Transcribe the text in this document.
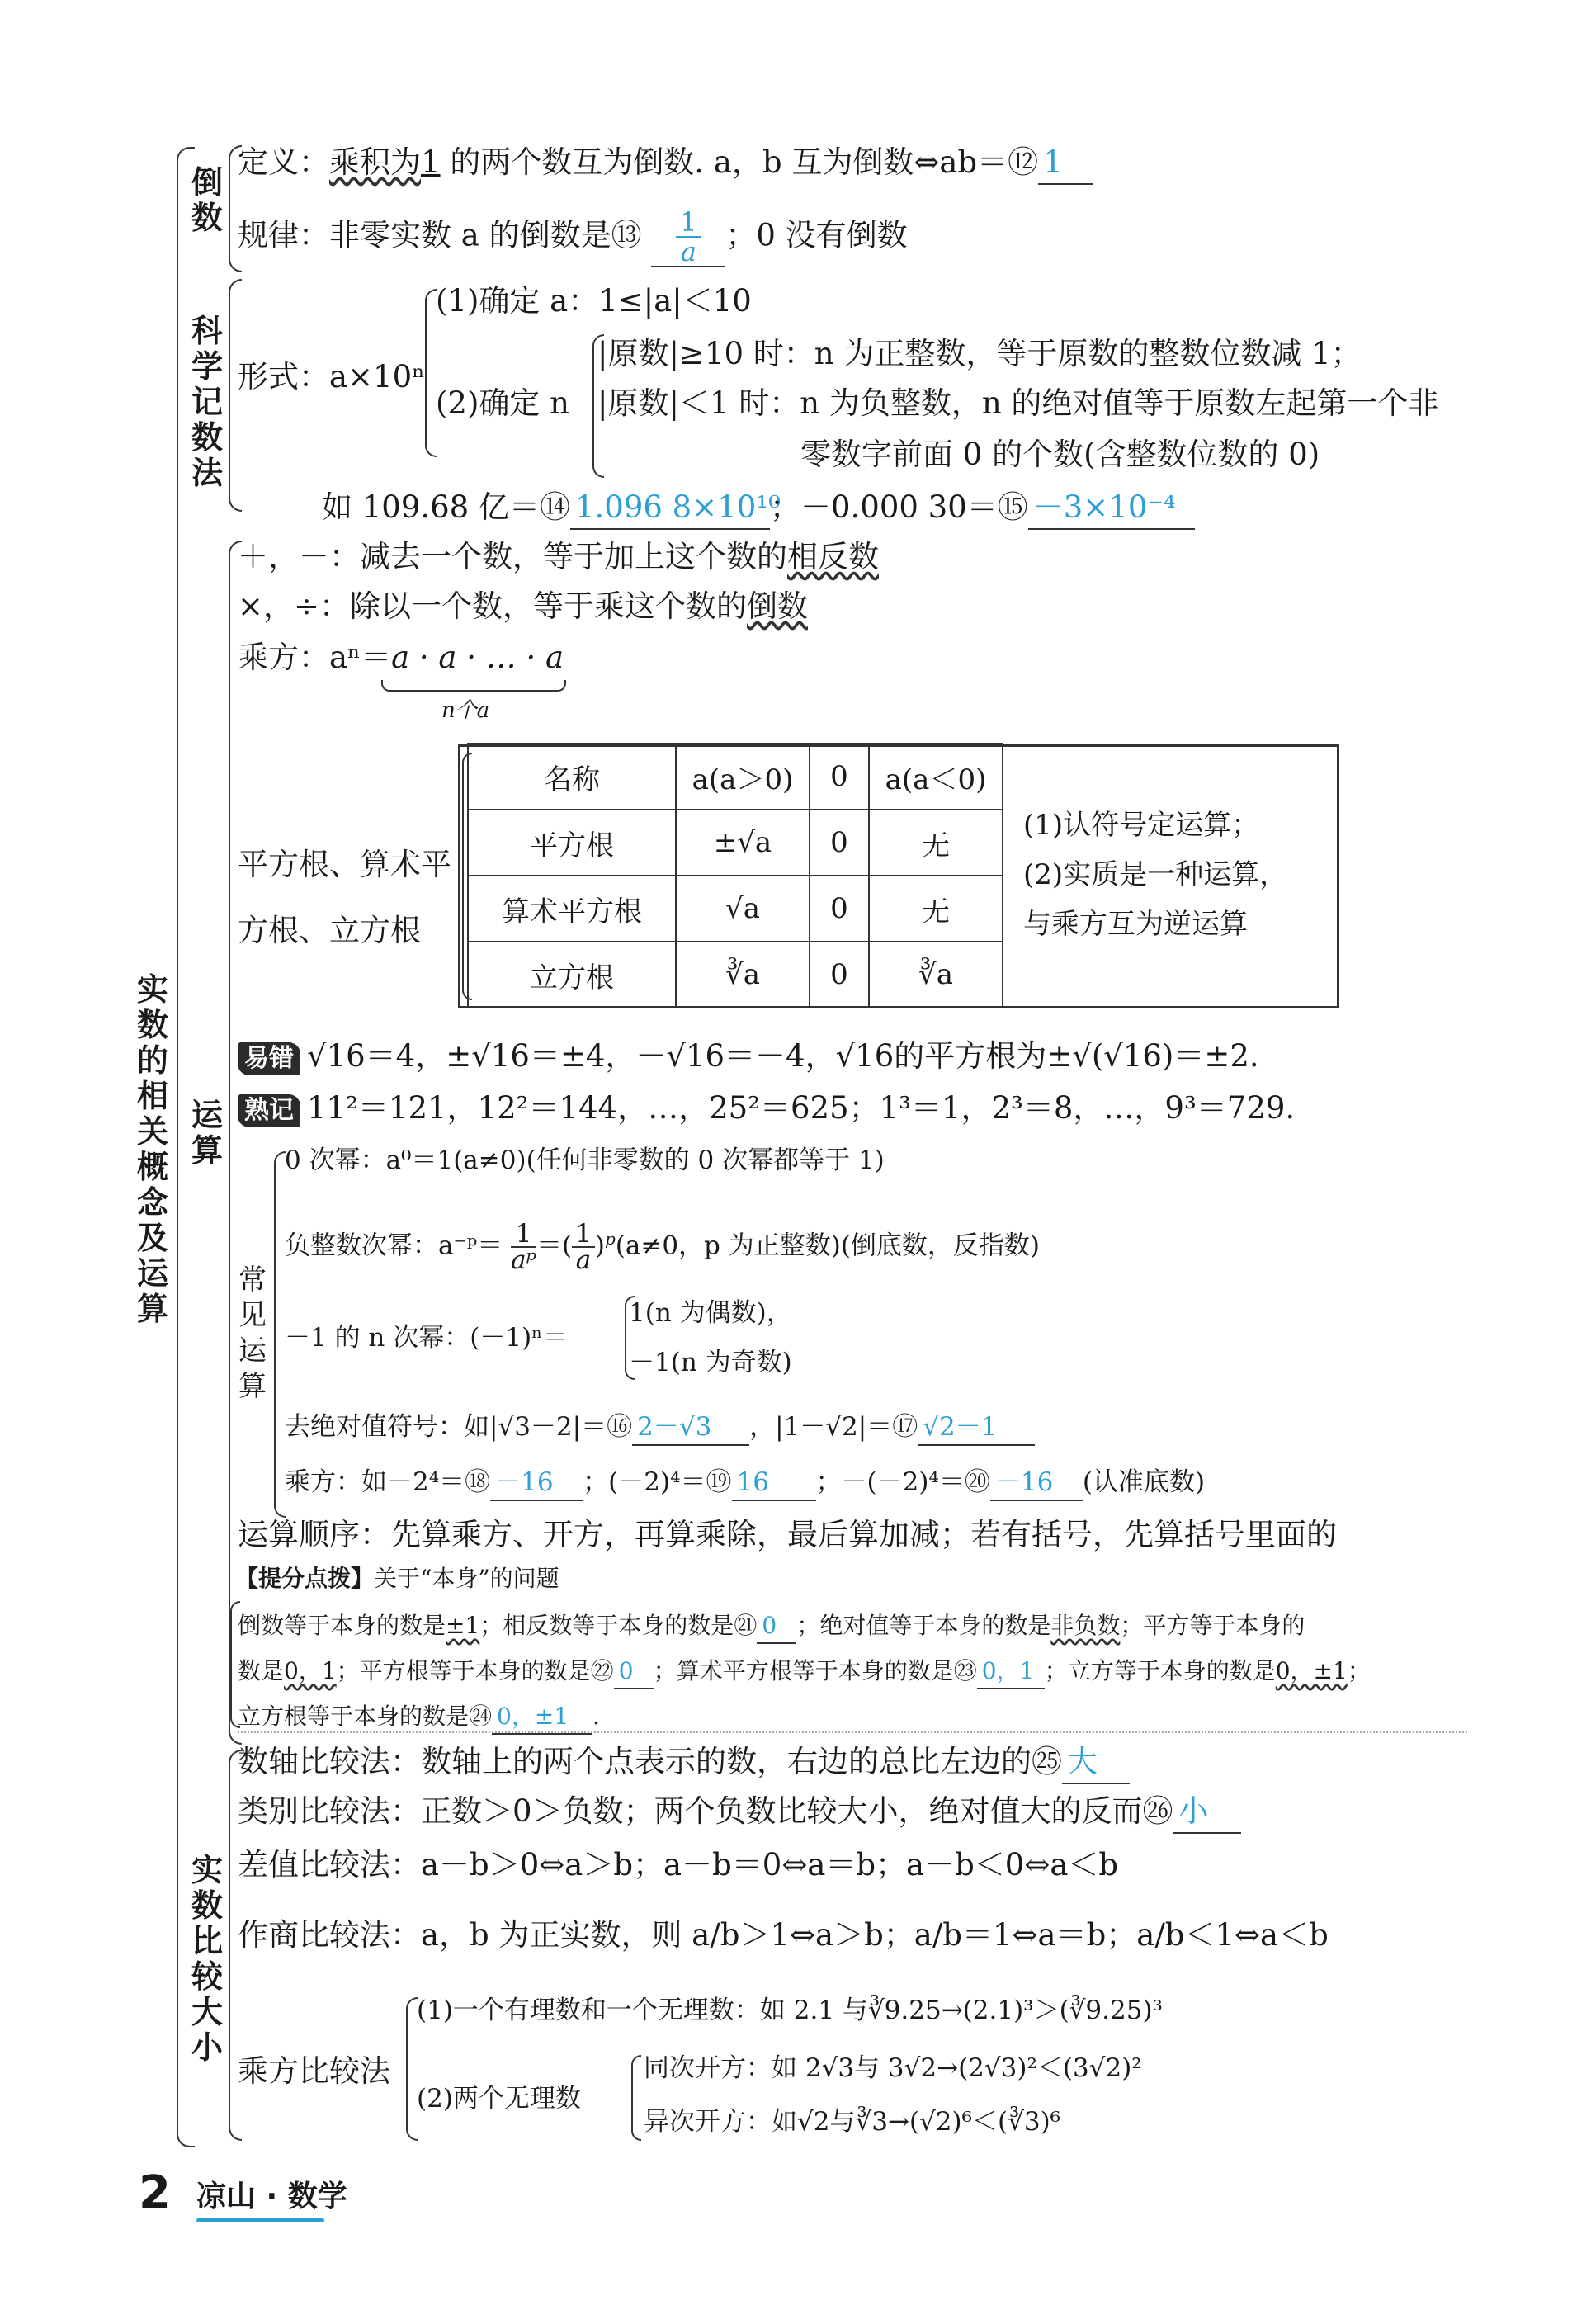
实数的相关概念及运算
倒数
定义：乘积为1 的两个数互为倒数. a，b 互为倒数⇔ab＝⑫ 1
规律：非零实数 a 的倒数是⑬ $\frac{1}{a}$ ；0 没有倒数
科学记数法
形式：a×10ⁿ
(1)确定 a：1≤|a|＜10
(2)确定 n
|原数|≥10 时：n 为正整数，等于原数的整数位数减 1；
|原数|＜1 时：n 为负整数，n 的绝对值等于原数左起第一个非
零数字前面 0 的个数(含整数位数的 0)
如 109.68 亿＝⑭ 1.096 8×10¹⁰；－0.000 30＝⑮ －3×10⁻⁴
运算
＋，－：减去一个数，等于加上这个数的相反数
×，÷：除以一个数，等于乘这个数的倒数
乘方：aⁿ＝a · a · … · a
n个a
平方根、算术平
方根、立方根
名称	a(a＞0)	0	a(a＜0)
平方根	±√a	0	无
算术平方根	√a	0	无
立方根	∛a	0	∛a
(1)认符号定运算；
(2)实质是一种运算，
与乘方互为逆运算
易错 √16＝4，±√16＝±4，－√16＝－4，√16的平方根为±√(√16)＝±2.
熟记 11²＝121，12²＝144，…，25²＝625；1³＝1，2³＝8，…，9³＝729.
常见运算
0 次幂：a⁰＝1(a≠0)(任何非零数的 0 次幂都等于 1)
负整数次幂：a⁻ᵖ＝ $\frac{1}{\text{aᵖ}}$ ＝( $\frac{1}{a} )^p(a\ne 0$，p 为正整数)(倒底数，反指数)
－1 的 n 次幂：(－1)ⁿ＝
1(n 为偶数)，
－1(n 为奇数)
去绝对值符号：如|√3－2|＝⑯ 2－√3 ，|1－√2|＝⑰ √2－1
乘方：如－2⁴＝⑱ －16 ；(－2)⁴＝⑲ 16 ；－(－2)⁴＝⑳ －16 (认准底数)
运算顺序：先算乘方、开方，再算乘除，最后算加减；若有括号，先算括号里面的
【提分点拨】关于“本身”的问题
倒数等于本身的数是±1；相反数等于本身的数是㉑ 0 ；绝对值等于本身的数是非负数；平方等于本身的
数是0，1；平方根等于本身的数是㉒ 0 ；算术平方根等于本身的数是㉓ 0，1 ；立方等于本身的数是0，±1；
立方根等于本身的数是㉔ 0，±1 .
实数比较大小
数轴比较法：数轴上的两个点表示的数，右边的总比左边的㉕ 大
类别比较法：正数＞0＞负数；两个负数比较大小，绝对值大的反而㉖ 小
差值比较法：a－b＞0⇔a＞b；a－b＝0⇔a＝b；a－b＜0⇔a＜b
作商比较法：a，b 为正实数，则 a/b＞1⇔a＞b；a/b＝1⇔a＝b；a/b＜1⇔a＜b
乘方比较法
(1)一个有理数和一个无理数：如 2.1 与∛9.25→(2.1)³＞(∛9.25)³
(2)两个无理数
同次开方：如 2√3与 3√2→(2√3)²＜(3√2)²
异次开方：如√2与∛3→(√2)⁶＜(∛3)⁶
2 凉山 · 数学
